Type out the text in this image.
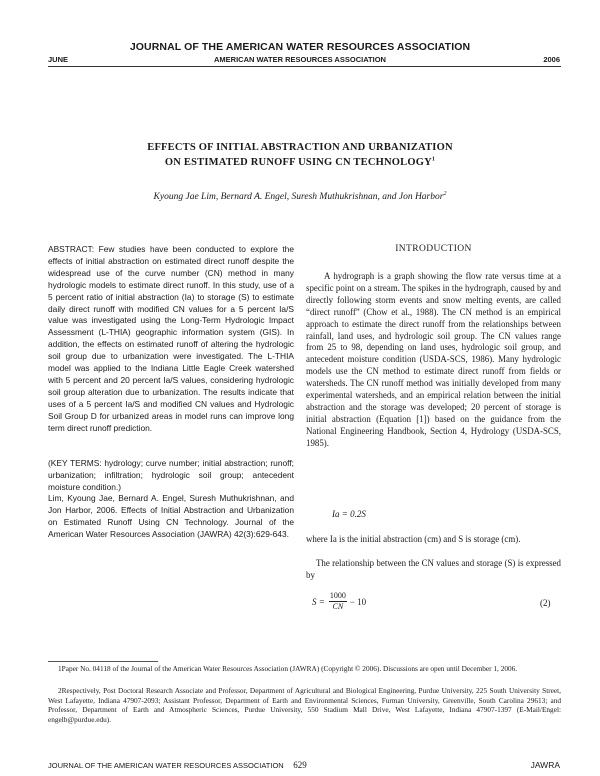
JOURNAL OF THE AMERICAN WATER RESOURCES ASSOCIATION
JUNE	AMERICAN WATER RESOURCES ASSOCIATION	2006
EFFECTS OF INITIAL ABSTRACTION AND URBANIZATION
ON ESTIMATED RUNOFF USING CN TECHNOLOGY$^1$
Kyoung Jae Lim, Bernard A. Engel, Suresh Muthukrishnan, and Jon Harbor$^2$

ABSTRACT: Few studies have been conducted to explore the effects of initial abstraction on estimated direct runoff despite the widespread use of the curve number (CN) method in many hydrologic models to estimate direct runoff. In this study, use of a 5 percent ratio of initial abstraction (Ia) to storage (S) to estimate daily direct runoff with modified CN values for a 5 percent Ia/S value was investigated using the Long-Term Hydrologic Impact Assessment (L-THIA) geographic information system (GIS). In addition, the effects on estimated runoff of altering the hydrologic soil group due to urbanization were investigated. The L-THIA model was applied to the Indiana Little Eagle Creek watershed with 5 percent and 20 percent Ia/S values, considering hydrologic soil group alteration due to urbanization. The results indicate that uses of a 5 percent Ia/S and modified CN values and Hydrologic Soil Group D for urbanized areas in model runs can improve long term direct runoff prediction.

(KEY TERMS: hydrology; curve number; initial abstraction; runoff; urbanization; infiltration; hydrologic soil group; antecedent moisture condition.)

Lim, Kyoung Jae, Bernard A. Engel, Suresh Muthukrishnan, and Jon Harbor, 2006. Effects of Initial Abstraction and Urbanization on Estimated Runoff Using CN Technology. Journal of the American Water Resources Association (JAWRA) 42(3):629-643.

INTRODUCTION

A hydrograph is a graph showing the flow rate versus time at a specific point on a stream. The spikes in the hydrograph, caused by and directly following storm events and snow melting events, are called “direct runoff” (Chow et al., 1988). The CN method is an empirical approach to estimate the direct runoff from the relationships between rainfall, land uses, and hydrologic soil group. The CN values range from 25 to 98, depending on land uses, hydrologic soil group, and antecedent moisture condition (USDA-SCS, 1986). Many hydrologic models use the CN method to estimate direct runoff from fields or watersheds. The CN runoff method was initially developed from many experimental watersheds, and an empirical relation between the initial abstraction and the storage was developed; 20 percent of storage is initial abstraction (Equation [1]) based on the guidance from the National Engineering Handbook, Section 4, Hydrology (USDA-SCS, 1985).

Ia = 0.2S

where Ia is the initial abstraction (cm) and S is storage (cm).

The relationship between the CN values and storage (S) is expressed by

$S = \frac{1000}{CN} - 10$	(2)
1Paper No. 04118 of the Journal of the American Water Resources Association (JAWRA) (Copyright © 2006). Discussions are open until December 1, 2006.
2Respectively, Post Doctoral Research Associate and Professor, Department of Agricultural and Biological Engineering, Purdue University, 225 South University Street, West Lafayette, Indiana 47907-2093; Assistant Professor, Department of Earth and Environmental Sciences, Furman University, Greenville, South Carolina 29613; and Professor, Department of Earth and Atmospheric Sciences, Purdue University, 550 Stadium Mall Drive, West Lafayette, Indiana 47907-1397 (E-Mail/Engel: engelb@purdue.edu).
JOURNAL OF THE AMERICAN WATER RESOURCES ASSOCIATION	629	JAWRA
